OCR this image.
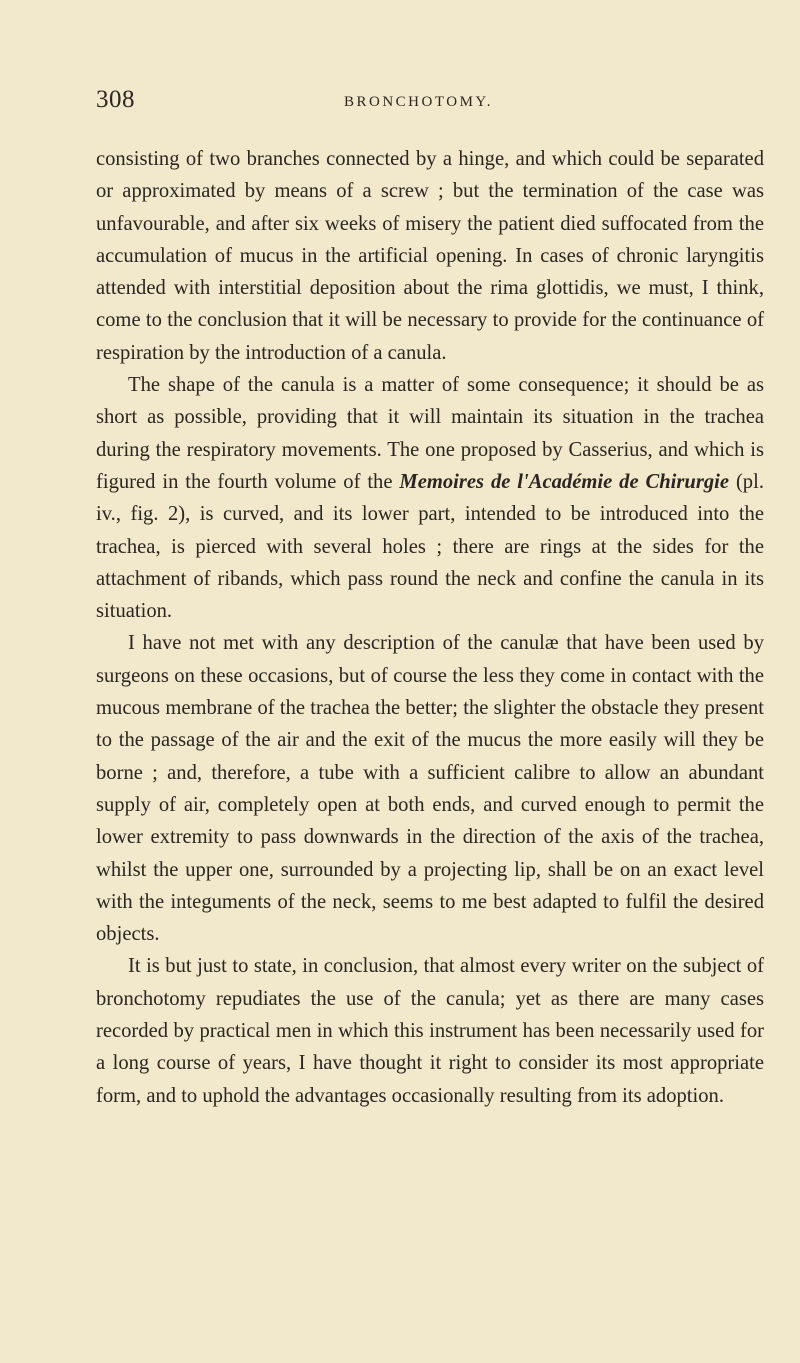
308	BRONCHOTOMY.

consisting of two branches connected by a hinge, and which could be separated or approximated by means of a screw ; but the termination of the case was unfavourable, and after six weeks of misery the patient died suffocated from the accumulation of mucus in the artificial opening. In cases of chronic laryngitis attended with interstitial deposition about the rima glottidis, we must, I think, come to the conclusion that it will be necessary to provide for the continuance of respiration by the introduction of a canula.

The shape of the canula is a matter of some consequence; it should be as short as possible, providing that it will maintain its situation in the trachea during the respiratory movements. The one proposed by Casserius, and which is figured in the fourth volume of the Memoires de l'Académie de Chirurgie (pl. iv., fig. 2), is curved, and its lower part, intended to be introduced into the trachea, is pierced with several holes ; there are rings at the sides for the attachment of ribands, which pass round the neck and confine the canula in its situation.

I have not met with any description of the canulæ that have been used by surgeons on these occasions, but of course the less they come in contact with the mucous membrane of the trachea the better; the slighter the obstacle they present to the passage of the air and the exit of the mucus the more easily will they be borne ; and, therefore, a tube with a sufficient calibre to allow an abundant supply of air, completely open at both ends, and curved enough to permit the lower extremity to pass downwards in the direction of the axis of the trachea, whilst the upper one, surrounded by a projecting lip, shall be on an exact level with the integuments of the neck, seems to me best adapted to fulfil the desired objects.

It is but just to state, in conclusion, that almost every writer on the subject of bronchotomy repudiates the use of the canula; yet as there are many cases recorded by practical men in which this instrument has been necessarily used for a long course of years, I have thought it right to consider its most appropriate form, and to uphold the advantages occasionally resulting from its adoption.
